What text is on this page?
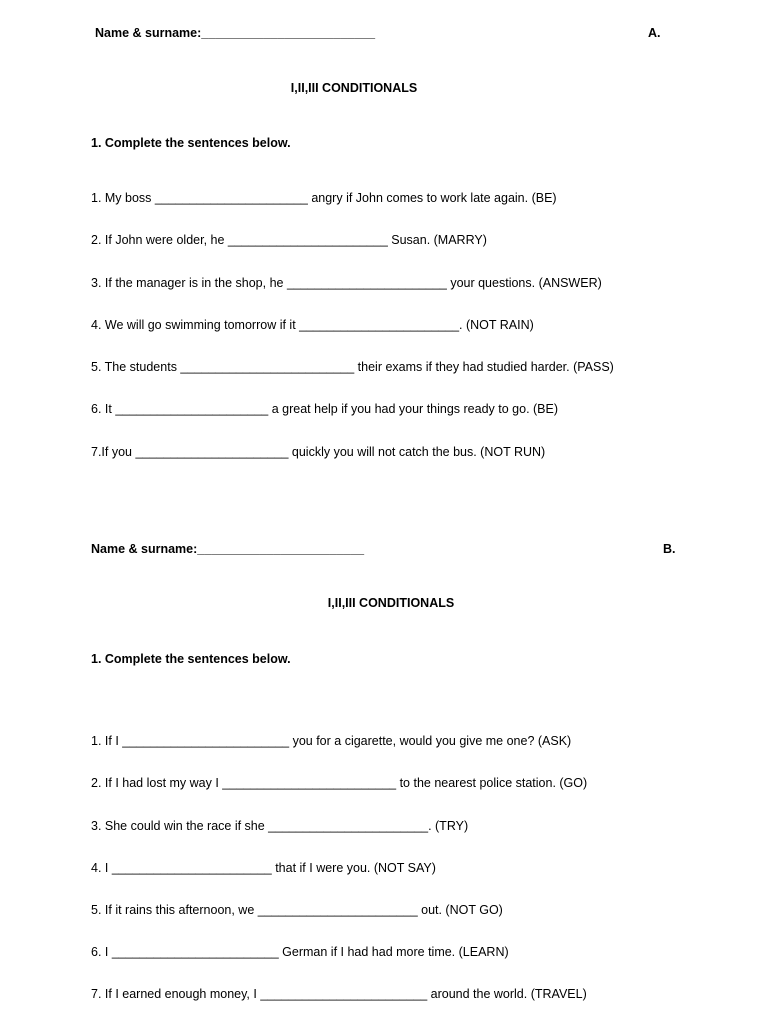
Name & surname:_________________________	A.
I,II,III CONDITIONALS
1. Complete the sentences below.
1. My boss ______________________ angry if John comes to work late again. (BE)
2. If John were older, he _______________________ Susan. (MARRY)
3. If the manager is in the shop, he _______________________ your questions. (ANSWER)
4. We will go swimming tomorrow if it _______________________. (NOT RAIN)
5. The students _________________________ their exams if they had studied harder. (PASS)
6. It ______________________ a great help if you had your things ready to go. (BE)
7.If you ______________________ quickly you will not catch the bus. (NOT RUN)
Name & surname:________________________	B.
I,II,III CONDITIONALS
1. Complete the sentences below.
1. If I ________________________ you for a cigarette, would you give me one? (ASK)
2. If I had lost my way I _________________________ to the nearest police station. (GO)
3. She could win the race if she _______________________. (TRY)
4. I _______________________ that if I were you. (NOT SAY)
5. If it rains this afternoon, we _______________________ out. (NOT GO)
6. I ________________________ German if I had had more time. (LEARN)
7. If I earned enough money, I ________________________ around the world. (TRAVEL)
